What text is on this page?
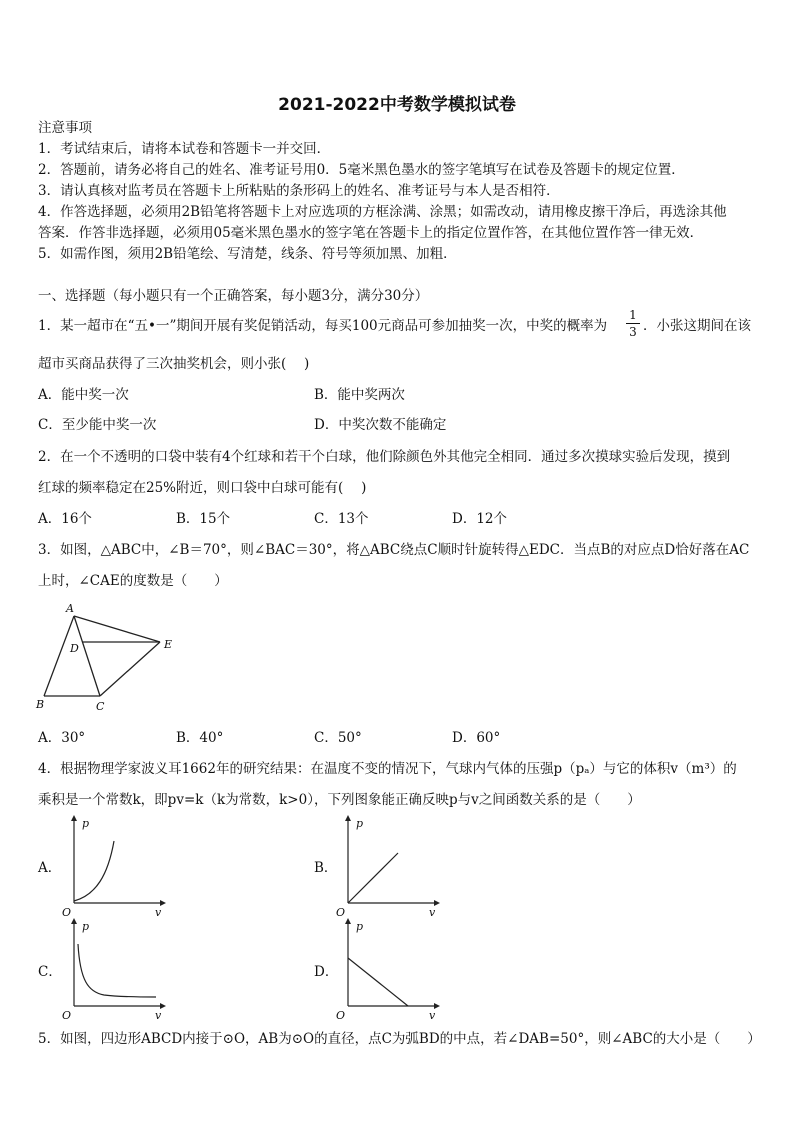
2021-2022中考数学模拟试卷
注意事项
1．考试结束后，请将本试卷和答题卡一并交回．
2．答题前，请务必将自己的姓名、准考证号用0．5毫米黑色墨水的签字笔填写在试卷及答题卡的规定位置．
3．请认真核对监考员在答题卡上所粘贴的条形码上的姓名、准考证号与本人是否相符．
4．作答选择题，必须用2B铅笔将答题卡上对应选项的方框涂满、涂黑；如需改动，请用橡皮擦干净后，再选涂其他
答案．作答非选择题，必须用05毫米黑色墨水的签字笔在答题卡上的指定位置作答，在其他位置作答一律无效．
5．如需作图，须用2B铅笔绘、写清楚，线条、符号等须加黑、加粗．
一、选择题（每小题只有一个正确答案，每小题3分，满分30分）
1．某一超市在“五•一”期间开展有奖促销活动，每买100元商品可参加抽奖一次，中奖的概率为
1
3 ．小张这期间在该
超市买商品获得了三次抽奖机会，则小张(　 )
A．能中奖一次	B．能中奖两次
C．至少能中奖一次	D．中奖次数不能确定
2．在一个不透明的口袋中装有4个红球和若干个白球，他们除颜色外其他完全相同．通过多次摸球实验后发现，摸到
红球的频率稳定在25%附近，则口袋中白球可能有(　 )
A．16个	B．15个	C．13个	D．12个
3．如图，△ABC中，∠B＝70°，则∠BAC＝30°，将△ABC绕点C顺时针旋转得△EDC．当点B的对应点D恰好落在AC
上时，∠CAE的度数是（　　）
A
D	E
B	C
A．30°	B．40°	C．50°	D．60°
4．根据物理学家波义耳1662年的研究结果：在温度不变的情况下，气球内气体的压强p（pₐ）与它的体积v（m³）的
乘积是一个常数k，即pv=k（k为常数，k>0），下列图象能正确反映p与v之间函数关系的是（　　）
A．	B．
C．	D．
p
v
O
p
v
O
p
v
O
p
v
O
5．如图，四边形ABCD内接于⊙O，AB为⊙O的直径，点C为弧BD的中点，若∠DAB=50°，则∠ABC的大小是（　　）
